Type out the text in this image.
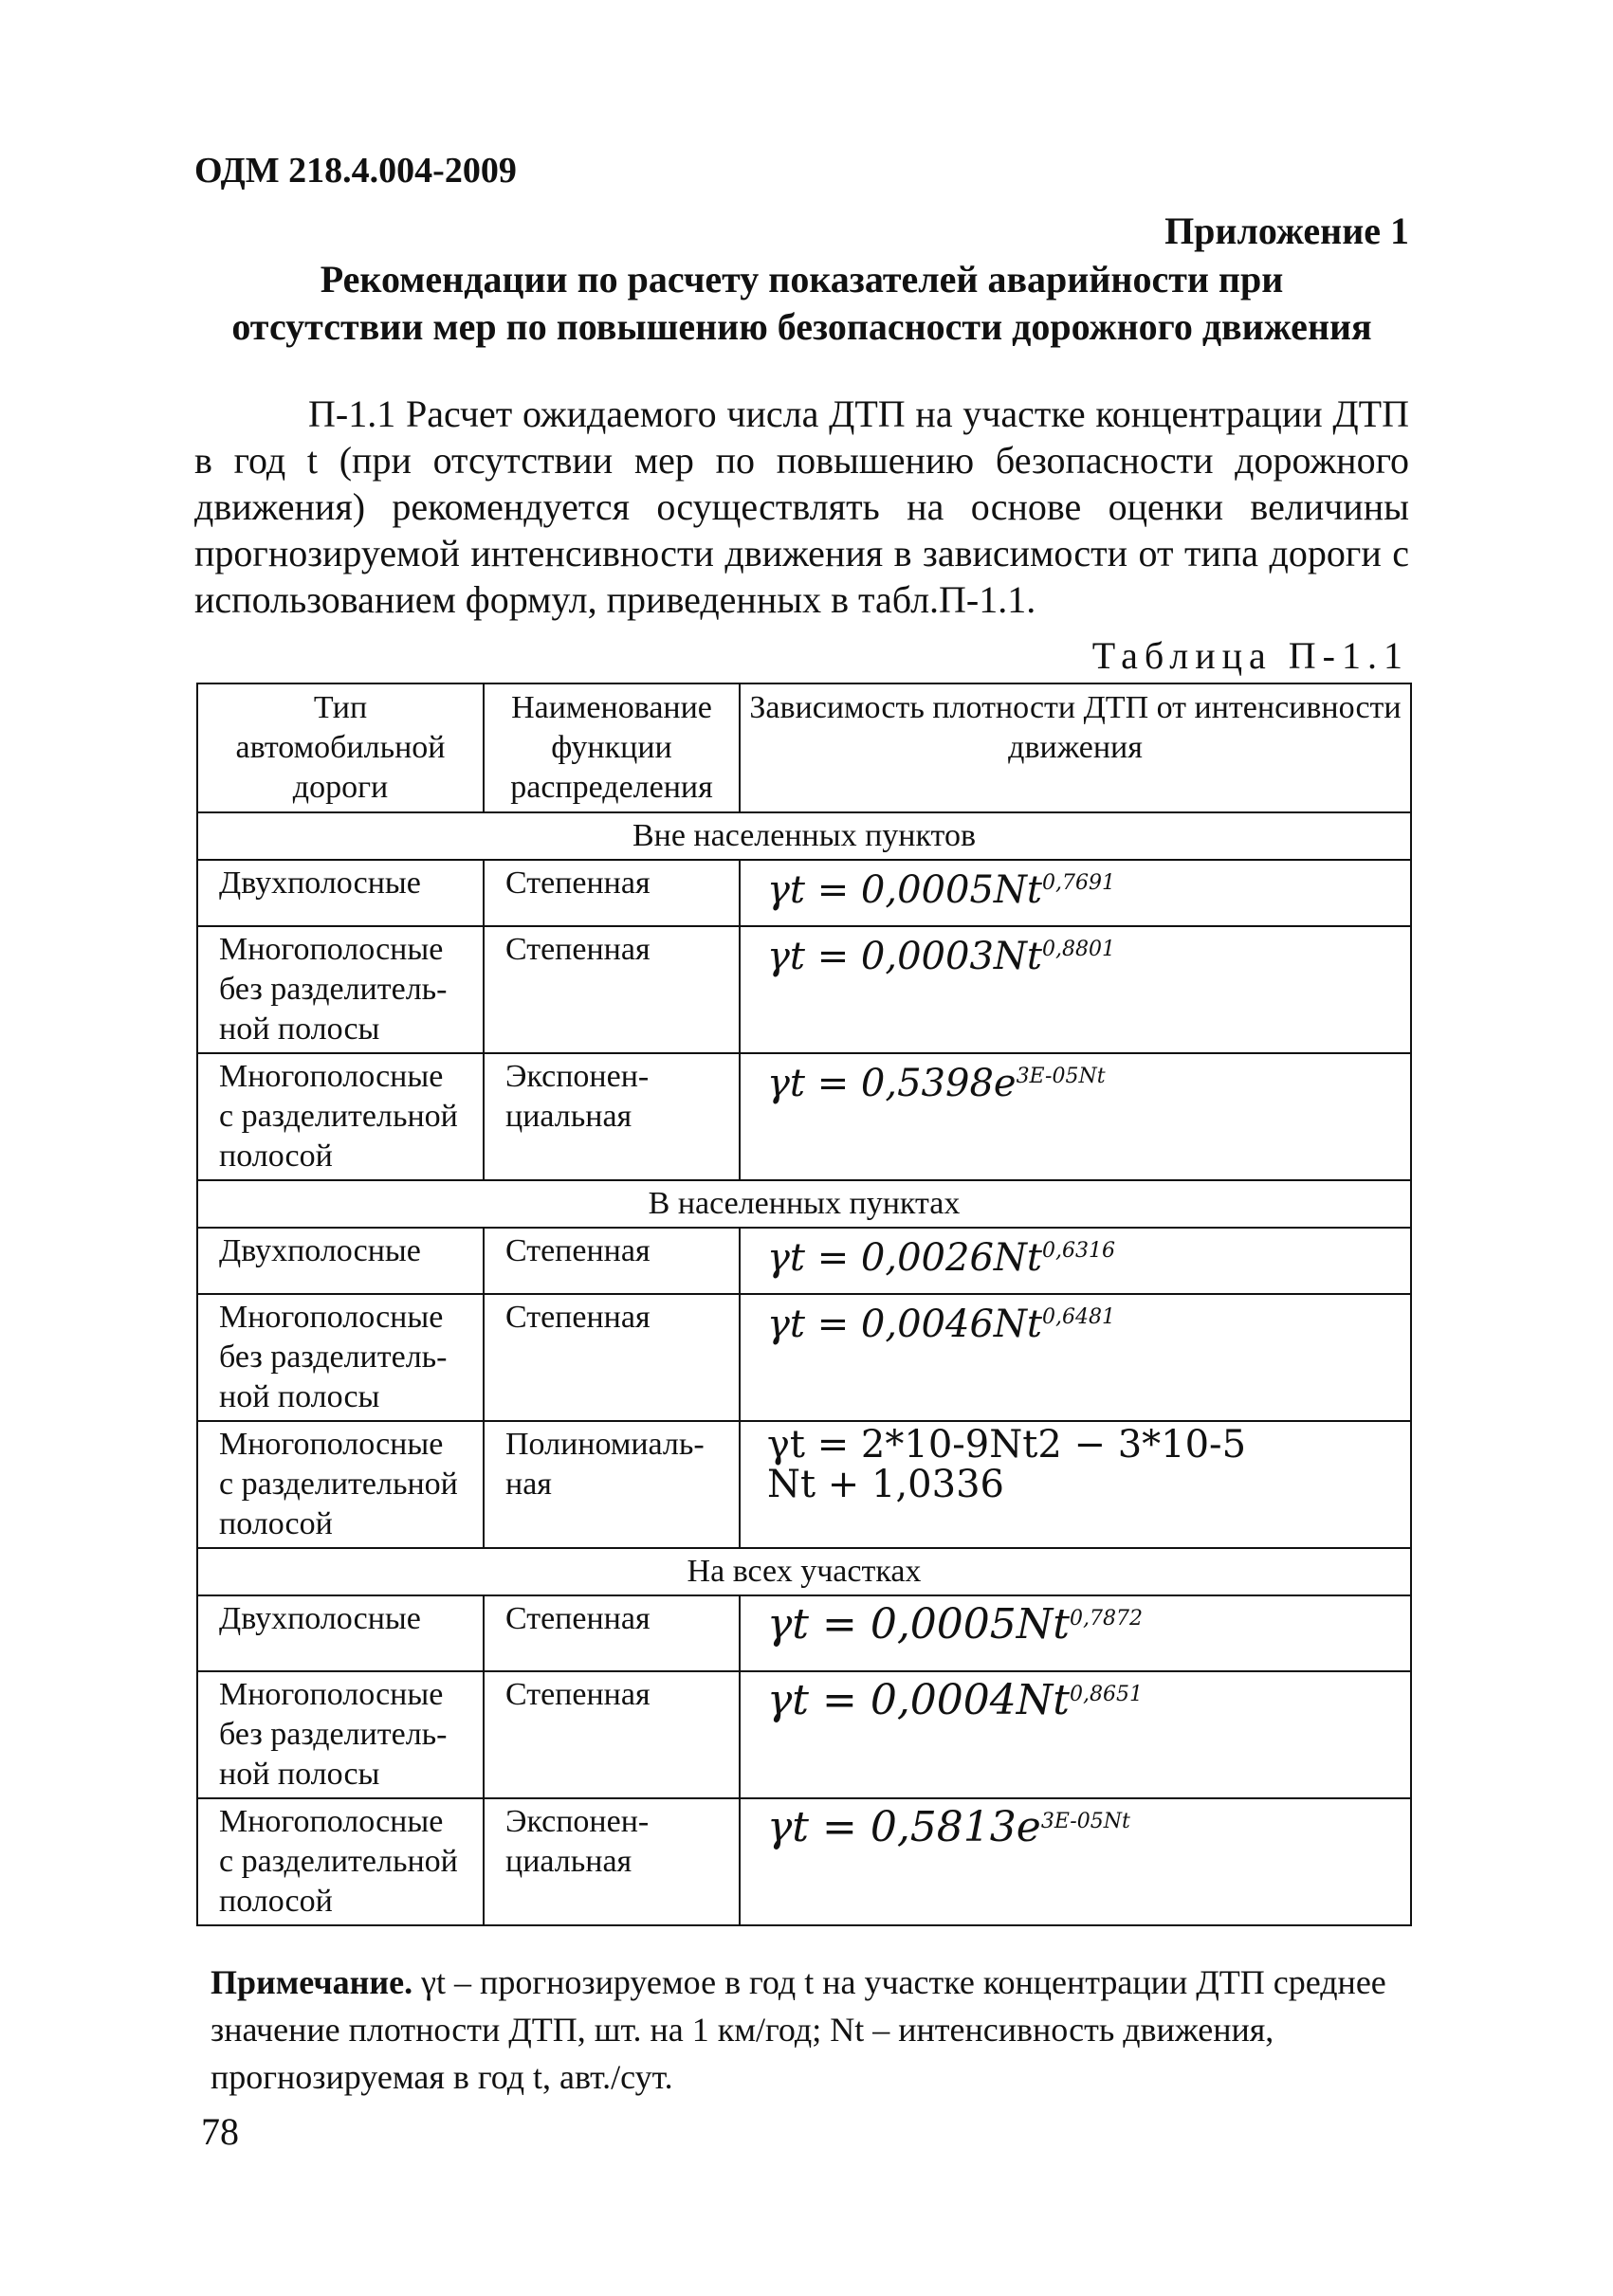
ОДМ 218.4.004-2009
Приложение 1
Рекомендации по расчету показателей аварийности при
отсутствии мер по повышению безопасности дорожного движения

П-1.1 Расчет ожидаемого числа ДТП на участке концентрации ДТП в год t (при отсутствии мер по повышению безопасности дорожного движения) рекомендуется осуществлять на основе оценки величины прогнозируемой интенсивности движения в зависимости от типа дороги с использованием формул, приведенных в табл.П-1.1.

Таблица П-1.1
Тип автомобильной дороги	Наименование функции распределения	Зависимость плотности ДТП от интенсивности движения
Вне населенных пунктов		
Двухполосные	Степенная	$\gamma t = 0,0005Nt^{0,7691}$
Многополосные без разделитель-ной полосы	Степенная	$\gamma t = 0,0003Nt^{0,8801}$
Многополосные с разделительной полосой	Экспонен-циальная	$\gamma t = 0,5398e^{3E-05Nt}$
В населенных пунктах		
Двухполосные	Степенная	$\gamma t = 0,0026Nt^{0,6316}$
Многополосные без разделитель-ной полосы	Степенная	$\gamma t = 0,0046Nt^{0,6481}$
Многополосные с разделительной полосой	Полиномиаль-ная	γt = 2*10-9Nt2 − 3*10-5
Nt + 1,0336

На всех участках		
Двухполосные	Степенная	$\gamma t = 0,0005Nt^{0,7872}$
Многополосные без разделитель-ной полосы	Степенная	$\gamma t = 0,0004Nt^{0,8651}$
Многополосные с разделительной полосой	Экспонен-циальная	$\gamma t = 0,5813e^{3E-05Nt}$

Примечание. γt – прогнозируемое в год t на участке концентрации ДТП среднее значение плотности ДТП, шт. на 1 км/год; Nt – интенсивность движения, прогнозируемая в год t, авт./сут.

78
